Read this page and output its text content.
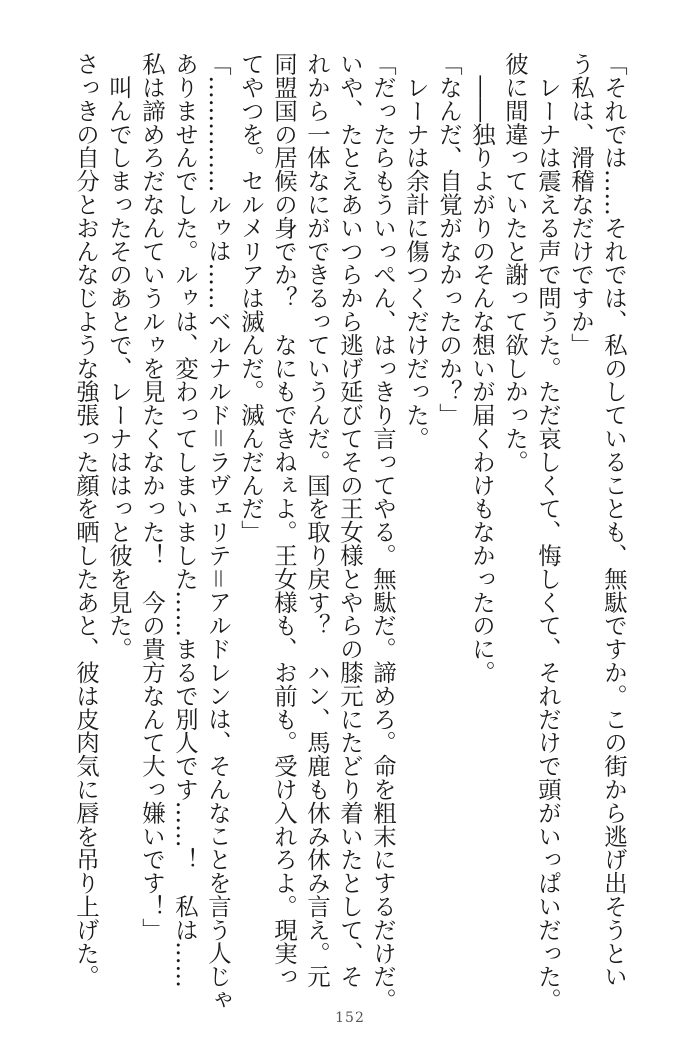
「それでは……それでは、私のしていることも、無駄ですか。この街から逃げ出そうとい
う私は、滑稽なだけですか」
　レーナは震える声で問うた。ただ哀しくて、悔しくて、それだけで頭がいっぱいだった。
彼に間違っていたと謝って欲しかった。
　――独りよがりのそんな想いが届くわけもなかったのに。
「なんだ、自覚がなかったのか？」
　レーナは余計に傷つくだけだった。
「だったらもういっぺん、はっきり言ってやる。無駄だ。諦めろ。命を粗末にするだけだ。
いや、たとえあいつらから逃げ延びてその王女様とやらの膝元にたどり着いたとして、そ
れから一体なにができるっていうんだ。国を取り戻す？　ハン、馬鹿も休み休み言え。元
同盟国の居候の身でか？　なにもできねぇよ。王女様も、お前も。受け入れろよ。現実っ
てやつを。セルメリアは滅んだ。滅んだんだ」
「……………ルゥは……ベルナルド＝ラヴェリテ＝アルドレンは、そんなことを言う人じゃ
ありませんでした。ルゥは、変わってしまいました……まるで別人です……！　私は……
私は諦めろだなんていうルゥを見たくなかった！　今の貴方なんて大っ嫌いです！」
　叫んでしまったそのあとで、レーナははっと彼を見た。
さっきの自分とおんなじような強張った顔を晒したあと、彼は皮肉気に唇を吊り上げた。
152
